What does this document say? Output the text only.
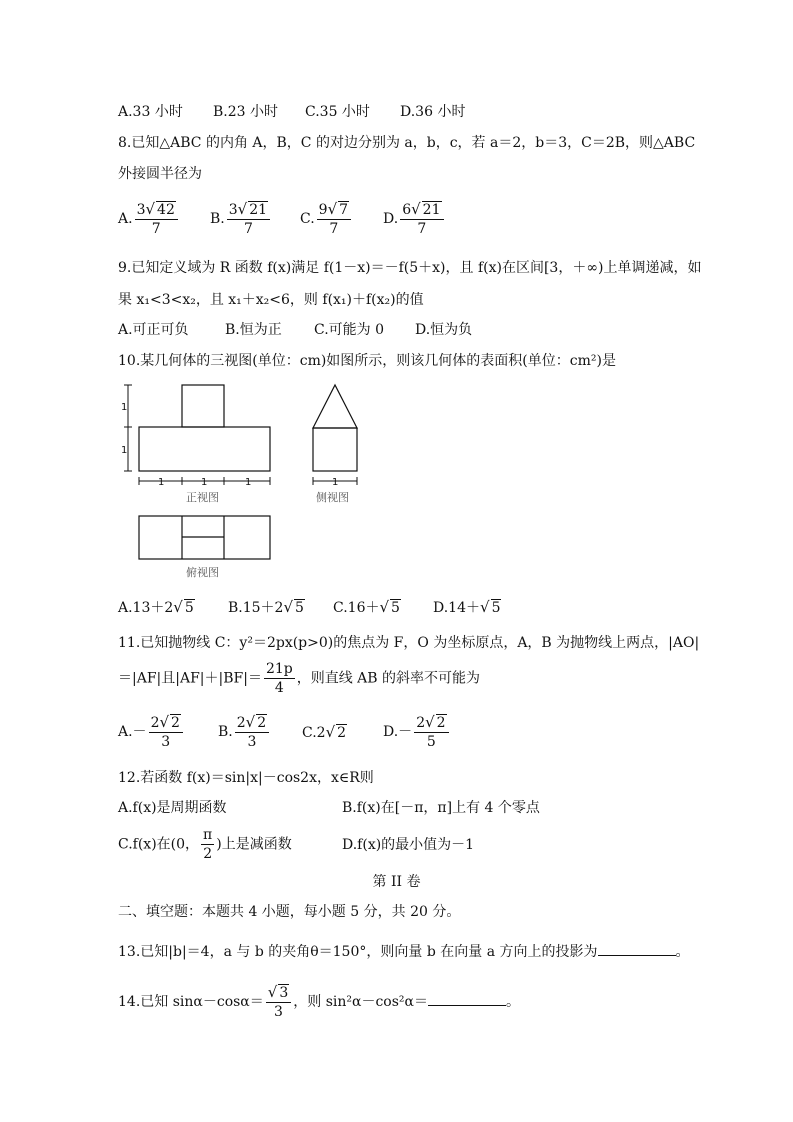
A.33 小时 B.23 小时 C.35 小时 D.36 小时
8.已知△ABC 的内角 A，B，C 的对边分别为 a，b，c，若 a＝2，b＝3，C＝2B，则△ABC
外接圆半径为
A. $\frac{3√ 42}{7} B$. $\frac{3√ 21}{7} C$. $\frac{9√ 7}{7} D$. $\frac{6√ 21}{7}$
9.已知定义域为 R 函数 f(x)满足 f(1－x)＝－f(5＋x)，且 f(x)在区间[3，＋∞)上单调递减，如
果 x₁<3<x₂，且 x₁＋x₂<6，则 f(x₁)＋f(x₂)的值
A.可正可负	B.恒为正 C.可能为 0 D.恒为负
10.某几何体的三视图(单位：cm)如图所示，则该几何体的表面积(单位：cm²)是
1
1
1	1	1
正视图
1
侧视图
俯视图
A.13＋2√ 5 B.15＋2√ 5 C.16＋√ 5 D.14＋√ 5
11.已知抛物线 C：y²＝2px(p>0)的焦点为 F，O 为坐标原点，A，B 为抛物线上两点，|AO|
＝|AF|且$|AF|+|BF|= \frac{21p}{4}$ ，则直线 AB 的斜率不可能为
$A.- \frac{2√ 2}{3}$	B. $\frac{2√ 2}{3} C.2√$ 2	$D.- \frac{2√ 2}{5}$
12.若函数 f(x)＝sin|x|－cos2x，x∈R则
A.f(x)是周期函数	B.f(x)在[－π，π]上有 4 个零点
C.f(x)在(0， $\frac{\pi}{2}$ )上是减函数	D.f(x)的最小值为－1
第 II 卷
二、填空题：本题共 4 小题，每小题 5 分，共 20 分。
13.已知|b|＝4，a 与 b 的夹角θ＝150°，则向量 b 在向量 a 方向上的投影为	。
14.已知 $\sin\alpha-\cos\alpha= \frac{√ 3}{3}$ ，则 sin²α－cos²α＝	。
